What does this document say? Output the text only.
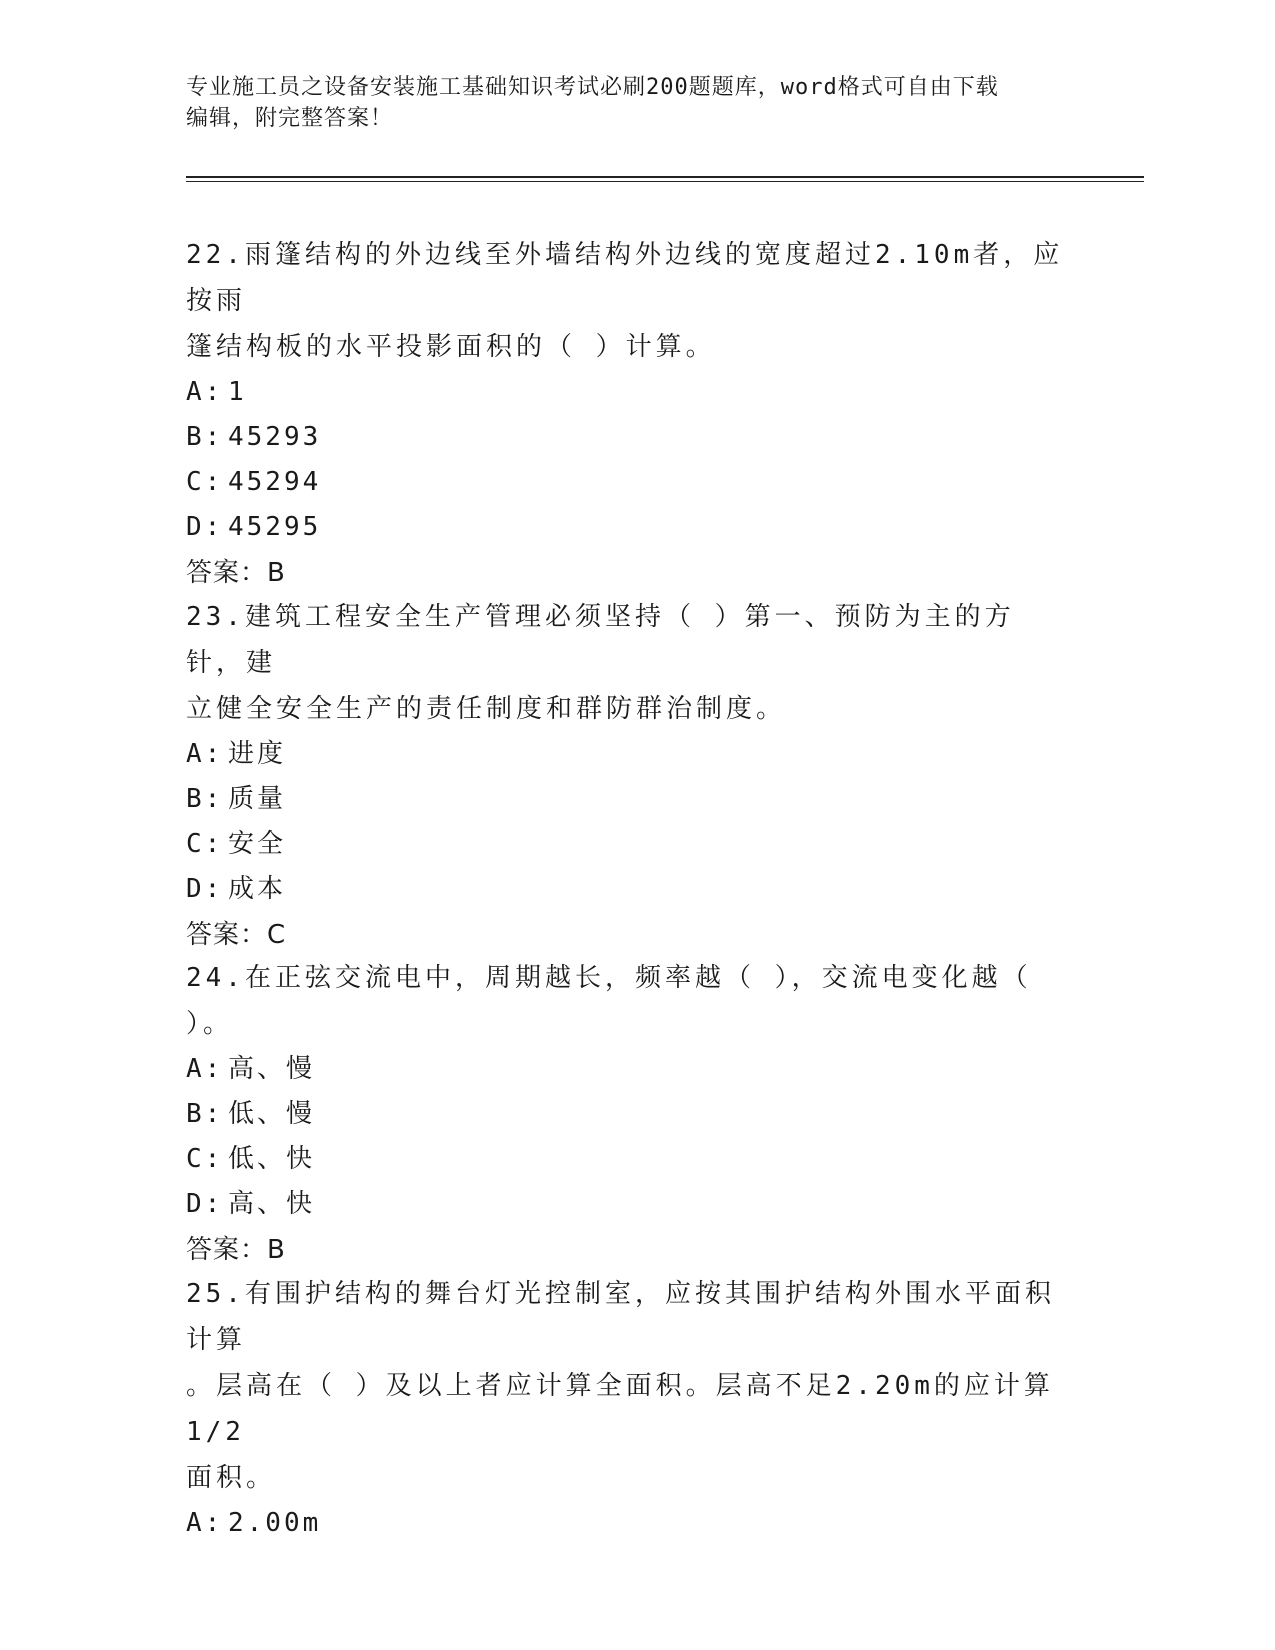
专业施工员之设备安装施工基础知识考试必刷200题题库，word格式可自由下载
编辑，附完整答案！

22.雨篷结构的外边线至外墙结构外边线的宽度超过2.10m者，应按雨

篷结构板的水平投影面积的（ ）计算。

A: 1

B: 45293

C: 45294

D: 45295

答案：B

23.建筑工程安全生产管理必须坚持（ ）第一、预防为主的方针，建

立健全安全生产的责任制度和群防群治制度。

A: 进度

B: 质量

C: 安全

D: 成本

答案：C

24.在正弦交流电中，周期越长，频率越（ ），交流电变化越（ ）。

A: 高、慢

B: 低、慢

C: 低、快

D: 高、快

答案：B

25.有围护结构的舞台灯光控制室，应按其围护结构外围水平面积计算

。层高在（ ）及以上者应计算全面积。层高不足2.20m的应计算1/2

面积。

A: 2.00m
